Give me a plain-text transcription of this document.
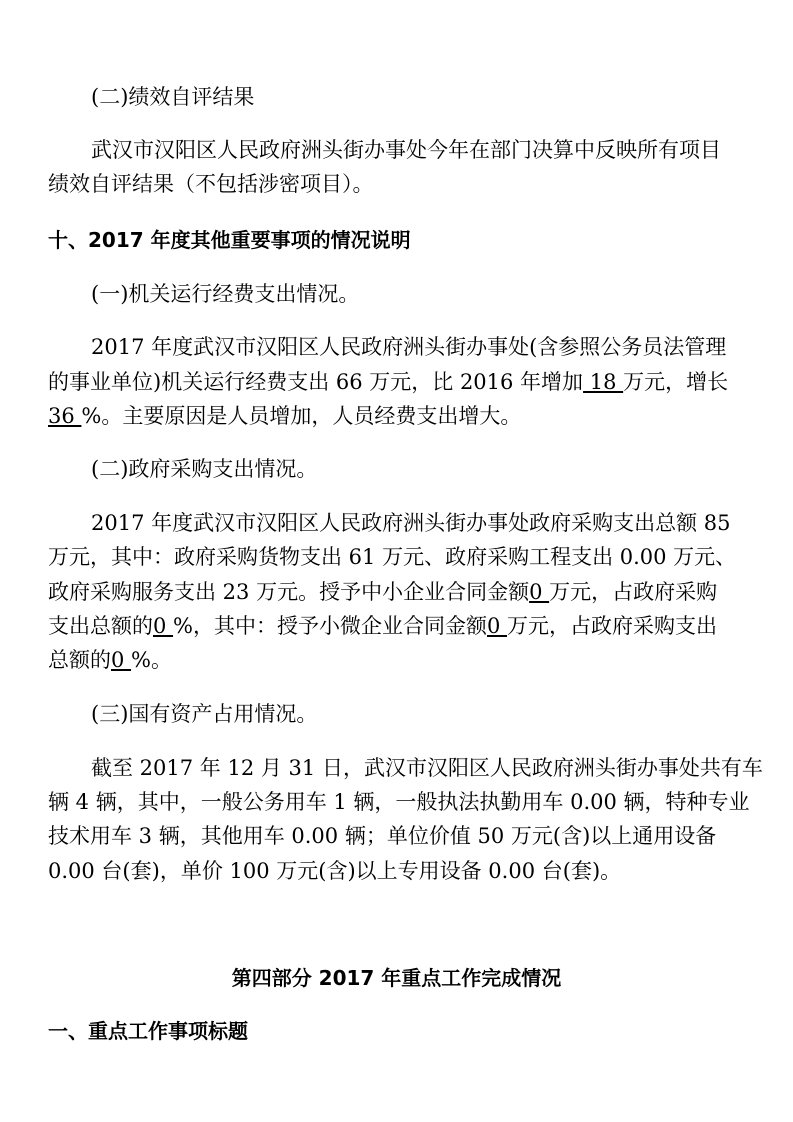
(二)绩效自评结果
武汉市汉阳区人民政府洲头街办事处今年在部门决算中反映所有项目
绩效自评结果（不包括涉密项目）。
十、2017 年度其他重要事项的情况说明
(一)机关运行经费支出情况。
2017 年度武汉市汉阳区人民政府洲头街办事处(含参照公务员法管理
的事业单位)机关运行经费支出 66 万元，比 2016 年增加 18 万元，增长
36 %。主要原因是人员增加，人员经费支出增大。
(二)政府采购支出情况。
2017 年度武汉市汉阳区人民政府洲头街办事处政府采购支出总额 85
万元，其中：政府采购货物支出 61 万元、政府采购工程支出 0.00 万元、
政府采购服务支出 23 万元。授予中小企业合同金额0 万元，占政府采购
支出总额的0 %，其中：授予小微企业合同金额0 万元，占政府采购支出
总额的0 %。
(三)国有资产占用情况。
截至 2017 年 12 月 31 日，武汉市汉阳区人民政府洲头街办事处共有车
辆 4 辆，其中，一般公务用车 1 辆，一般执法执勤用车 0.00 辆，特种专业
技术用车 3 辆，其他用车 0.00 辆；单位价值 50 万元(含)以上通用设备
0.00 台(套)，单价 100 万元(含)以上专用设备 0.00 台(套)。
第四部分 2017 年重点工作完成情况
一、重点工作事项标题
